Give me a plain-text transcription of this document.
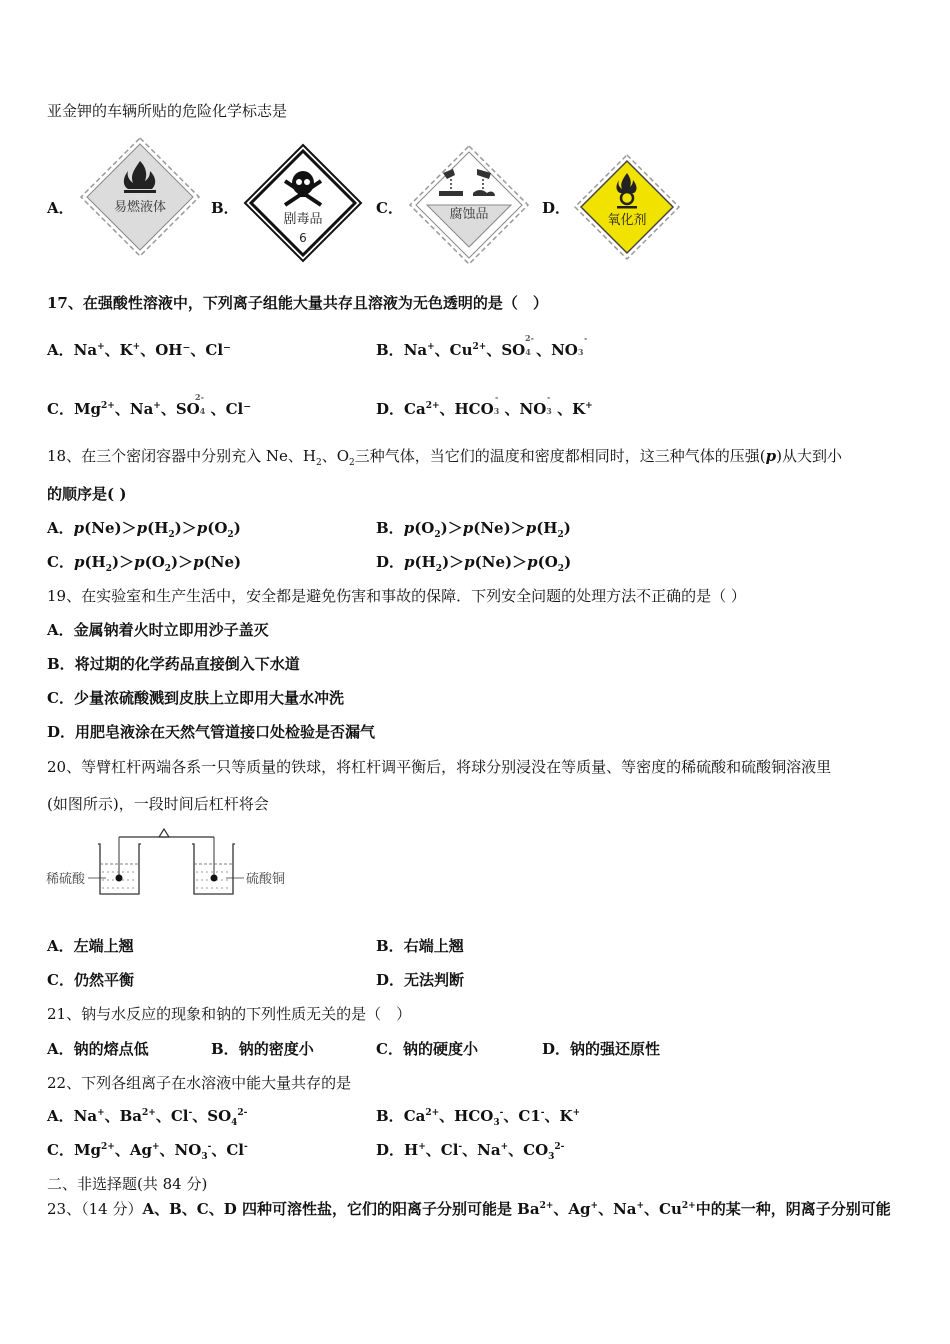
亚金钾的车辆所贴的危险化学标志是
A．	易燃液体	B．
剧毒品
6
C．	腐蚀品	D．
氧化剂
17、在强酸性溶液中，下列离子组能大量共存且溶液为无色透明的是（　）
A．Na+、K+、OH⁻、Cl⁻	B．Na+、$Cu^{2+}$、SO4
2-
、NO3
-
C．$Mg^{2+}$、Na+、SO4
2-
、Cl⁻	D．$Ca^{2+}$、HCO3 、NO3 、K+
-	-
18、在三个密闭容器中分别充入 Ne、$H_2$、$O_2$三种气体，当它们的温度和密度都相同时，这三种气体的压强(p)从大到小
的顺序是( )
A．$p(Ne)>p(H_2)>p(O_2)$	B．$p(O_2)>p(Ne)>p(H_2)$
C．$p(H_2)>p(O_2)>p(Ne)$	D．$p(H_2)>p(Ne)>p(O_2)$
19、在实验室和生产生活中，安全都是避免伤害和事故的保障．下列安全问题的处理方法不正确的是（ ）
A．金属钠着火时立即用沙子盖灭
B．将过期的化学药品直接倒入下水道
C．少量浓硫酸溅到皮肤上立即用大量水冲洗
D．用肥皂液涂在天然气管道接口处检验是否漏气
20、等臂杠杆两端各系一只等质量的铁球，将杠杆调平衡后，将球分别浸没在等质量、等密度的稀硫酸和硫酸铜溶液里
(如图所示)，一段时间后杠杆将会
稀硫酸	硫酸铜
A．左端上翘	B．右端上翘
C．仍然平衡	D．无法判断
21、钠与水反应的现象和钠的下列性质无关的是（　）
A．钠的熔点低	B．钠的密度小	C．钠的硬度小	D．钠的强还原性
22、下列各组离子在水溶液中能大量共存的是
A．Na+、$Ba^{2+}$、Cl-、$SO_4^{2-}$	B．$Ca^{2+}$、$HCO_3^-$、C1-、K+
C．$Mg^{2+}$、Ag+、$NO_3^-$、Cl-	D．H+、Cl-、Na+、$CO_3^{2-}$
二、非选择题(共 84 分)
23、（14 分）A、B、C、D 四种可溶性盐，它们的阳离子分别可能是 $Ba^{2+}$、Ag+、Na+、$Cu^{2+}$中的某一种，阴离子分别可能
